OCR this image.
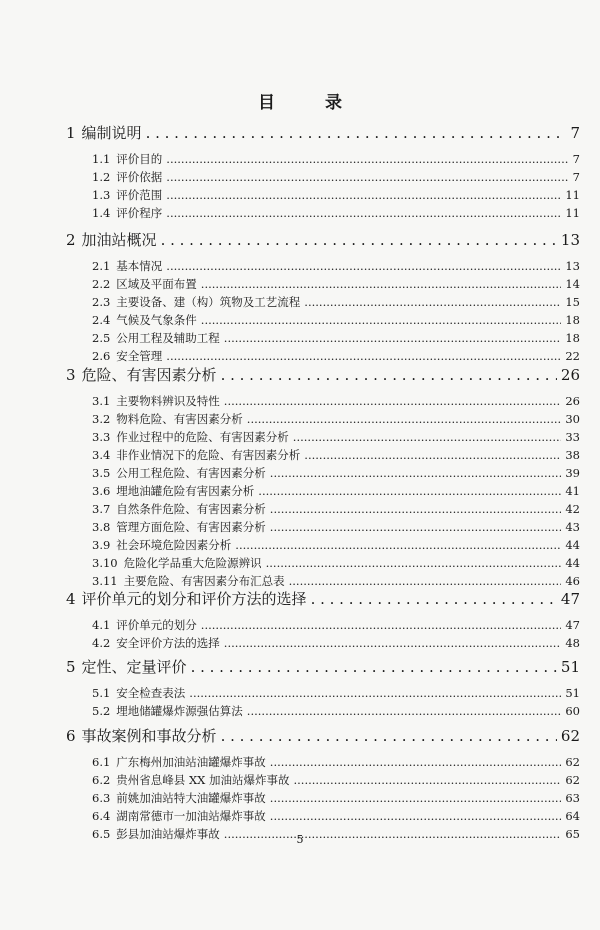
目 录
1 编制说明 . . .	7
1.1 评价目的 .....	7
1.2 评价依据 .....	7
1.3 评价范围 .....	11
1.4 评价程序 .....	11
2 加油站概况 . . .	13
2.1 基本情况 .....	13
2.2 区域及平面布置 .....	14
2.3 主要设备、建（构）筑物及工艺流程 .....	15
2.4 气候及气象条件 .....	18
2.5 公用工程及辅助工程 .....	18
2.6 安全管理 .....	22
3 危险、有害因素分析 . . .	26
3.1 主要物料辨识及特性 .....	26
3.2 物料危险、有害因素分析 .....	30
3.3 作业过程中的危险、有害因素分析 .....	33
3.4 非作业情况下的危险、有害因素分析 .....	38
3.5 公用工程危险、有害因素分析 .....	39
3.6 埋地油罐危险有害因素分析 .....	41
3.7 自然条件危险、有害因素分析 .....	42
3.8 管理方面危险、有害因素分析 .....	43
3.9 社会环境危险因素分析 .....	44
3.10 危险化学品重大危险源辨识 .....	44
3.11 主要危险、有害因素分布汇总表 .....	46
4 评价单元的划分和评价方法的选择 . . .	47
4.1 评价单元的划分 .....	47
4.2 安全评价方法的选择 .....	48
5 定性、定量评价 . . .	51
5.1 安全检查表法 .....	51
5.2 埋地储罐爆炸源强估算法 .....	60
6 事故案例和事故分析 . . .	62
6.1 广东梅州加油站油罐爆炸事故 .....	62
6.2 贵州省息峰县 XX 加油站爆炸事故 .....	62
6.3 前姚加油站特大油罐爆炸事故 .....	63
6.4 湖南常德市一加油站爆炸事故 .....	64
6.5 彭县加油站爆炸事故 .....	65
5
